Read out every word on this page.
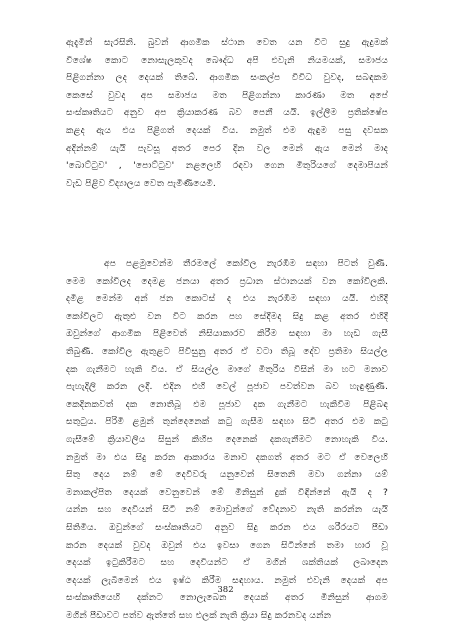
ඇදැමීන් සැරසිනි. බුවන් ආගමික ස්ථාන වෙත යන විට සුදු ඇදුමක්
විශේෂ කොට නොසැලකුවද බෞද්ධ අපි එවැනි නියමයක්, සමාජය
පිළිගන්නා ලද දෙයක් තිබේ. ආගමික සංකල්ප විවිධ වුවද, සබඳකම
කෙසේ වුවද අප සමාජය මත පිළිගන්නා කාරණා මත අපේ
සංස්කෘතියට අනුව අප ක්‍රියාකරණ බව පෙනී යයි. ඉල්ලීම ප්‍රතික්ෂේප
කළද ඇය එය පිළිගත් දෙයක් විය. නමුත් එම ඇඳුම පසු දවසක
අදින්නම් යැයි පැවසූ අතර පෙර දින වල මෙන් ඇය මෙන් මාද
'බොට්ටුව' , 'පොට්ටුව' නළලෙහි රඳවා ගෙන මිතුරියගේ දෙමාපියන්
වැඩ පිළිව විද්‍යාලය වෙත පැමිණියෙමි.
අප පළමුවෙන්ම තීරමලේ කෝවිල නැරඹීම සඳහා පිටත් වුණි.
මෙම කෝවිලද දෙමළ ජනයා අතර ප්‍රධාන ස්ථානයක් වන කෝවිලකි.
දමිළ මෙන්ම අන් ජන කොටස් ද එය නැරඹීම සඳහා යයි. එහිදී
කෝවිලට ඇතුළු වන විට කරන පහ සේදීමද සිදු කළ අතර එහිදී
ඔවුන්ගේ ආගමික පිළිවෙත් නිසියාකාරව කිරීම සඳහා මා හැඩ ගැසී
තිබුණි. කෝවිල ඇතුළට පිවිසුනු අතර ඒ වටා තිබූ දේව ප්‍රතිමා සියල්ල
දක ගැනීමට හැකි විය. ඒ සියල්ල මාගේ මිතුරිය විසින් මා හට මනාව
පැහැදිලි කරන ලදී. එදින එහි වෙල් පූජාව පවත්වන බව හැඳුණුණි.
කෙදිනකවත් දක නොතිබූ එම පූජාව දක ගැනීමට හැකිවීම පිළිබඳ
සතුටුය. පිරිමි ළමුන් තුන්දෙනෙක් කටු ගැසීම සඳහා සිටි අතර එම කටු
ගැසීමේ ක්‍රියාවලිය සිසුන් කිහිප දෙනෙක් දකගැනීමට නොහැකි විය.
නමුත් මා එය සිදු කරන ආකාරය මනාව දකගත් අතර මට ඒ වෙලෙහි
සිතු දෙය නම් මේ දෙවිවරු යනුවෙන් සිතෙනි මවා ගන්නා යම්
මනාකල්පිත දෙයක් වෙනුවෙන් මේ මිනිසුන් දුක් විඳින්නේ ඇයි ද ?
යන්න සහ දෙවියන් සිටී නම් මොවුන්ගේ වේදනාව නැති කරන්න යැයි
සිතිමිය. ඔවුන්ගේ සංස්කෘතියට අනුව සිදු කරන එය ශරීරයට පීඩා
කරන දෙයක් වුවද ඔවුන් එය ඉවසා ගෙන සිටින්නේ තමා හාර වූ
දෙයක් ඉටුකිරීමට සහ දෙවියන්ට ඒ මගින් ශක්තියක් ලබාදෙන
දෙයක් ලැබීමෙන් එය ඉෂ්ඨ කිරීම සඳහාය. නමුත් එවැනි දෙයක් අප
සංස්කෘතියෙහි දක්නට නොලැබෙන දෙයක් අතර මිනිසුන් ආගම
මගින් පීඩාවට පත්ව ඇත්තේ සහ එලක් නැති ක්‍රියා සිදු කරනවද යන්න
382
